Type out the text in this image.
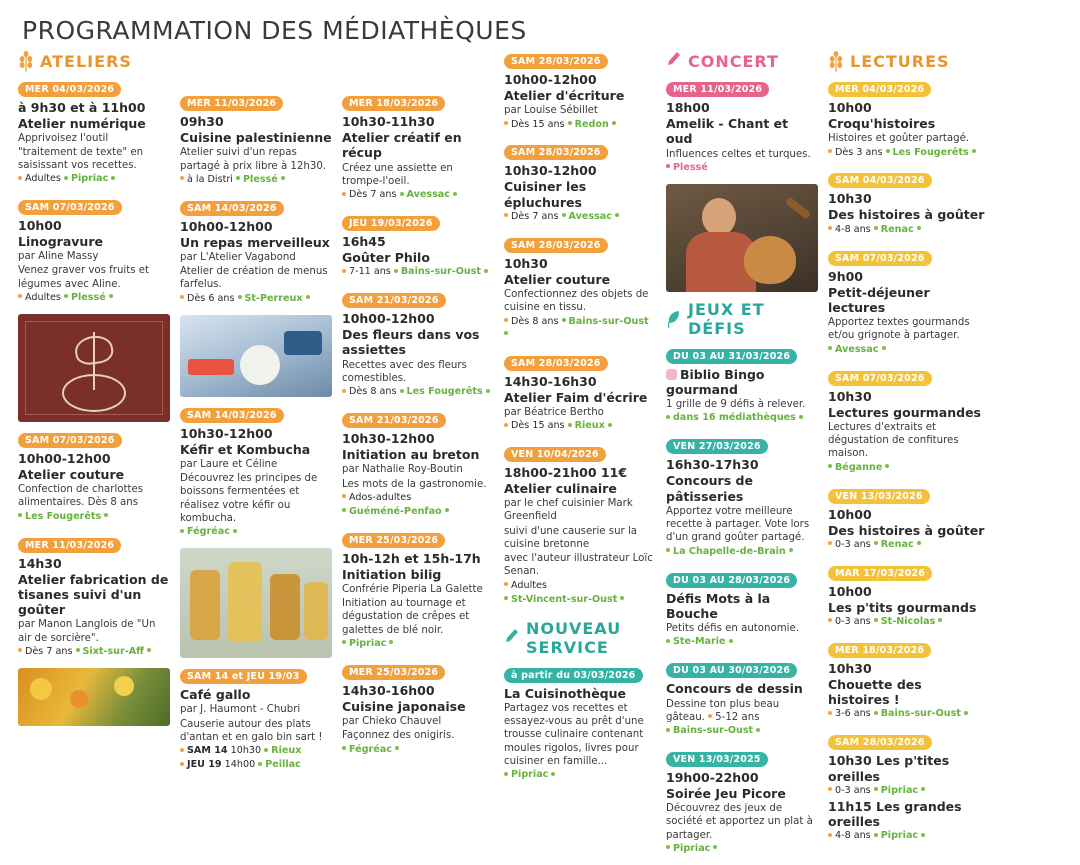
PROGRAMMATION DES MÉDIATHÈQUES
ATELIERS
MER 04/03/2026
à 9h30 et à 11h00
Atelier numérique
Apprivoisez l'outil "traitement de texte" en saisissant vos recettes.
Adultes Pipriac
SAM 07/03/2026
10h00
Linogravure
par Aline Massy
Venez graver vos fruits et légumes avec Aline.
Adultes Plessé
SAM 07/03/2026
10h00-12h00
Atelier couture
Confection de charlottes alimentaires. Dès 8 ans
Les Fougerêts
MER 11/03/2026
14h30
Atelier fabrication de tisanes suivi d'un goûter
par Manon Langlois de "Un air de sorcière".
Dès 7 ans Sixt-sur-Aff
MER 11/03/2026
09h30
Cuisine palestinienne
Atelier suivi d'un repas partagé à prix libre à 12h30.
à la Distri Plessé
SAM 14/03/2026
10h00-12h00
Un repas merveilleux
par L'Atelier Vagabond
Atelier de création de menus farfelus.
Dès 6 ans St-Perreux
SAM 14/03/2026
10h30-12h00
Kéfir et Kombucha
par Laure et Céline
Découvrez les principes de boissons fermentées et réalisez votre kéfir ou kombucha.
Fégréac
SAM 14 et JEU 19/03
Café gallo
par J. Haumont - Chubri
Causerie autour des plats d'antan et en galo bin sart !
SAM 14 10h30 Rieux
JEU 19 14h00 Peillac
MER 18/03/2026
10h30-11h30
Atelier créatif en récup
Créez une assiette en trompe-l'oeil.
Dès 7 ans Avessac
JEU 19/03/2026
16h45
Goûter Philo
7-11 ans Bains-sur-Oust
SAM 21/03/2026
10h00-12h00
Des fleurs dans vos assiettes
Recettes avec des fleurs comestibles.
Dès 8 ans Les Fougerêts
SAM 21/03/2026
10h30-12h00
Initiation au breton
par Nathalie Roy-Boutin
Les mots de la gastronomie.
Ados-adultes
Guéméné-Penfao
MER 25/03/2026
10h-12h et 15h-17h
Initiation bilig
Confrérie Piperia La Galette
Initiation au tournage et dégustation de crêpes et galettes de blé noir.
Pipriac
MER 25/03/2026
14h30-16h00
Cuisine japonaise
par Chieko Chauvel
Façonnez des onigiris.
Fégréac
SAM 28/03/2026
10h00-12h00
Atelier d'écriture
par Louise Sébillet
Dès 15 ans Redon
SAM 28/03/2026
10h30-12h00
Cuisiner les épluchures
Dès 7 ans Avessac
SAM 28/03/2026
10h30
Atelier couture
Confectionnez des objets de cuisine en tissu.
Dès 8 ans Bains-sur-Oust
SAM 28/03/2026
14h30-16h30
Atelier Faim d'écrire
par Béatrice Bertho
Dès 15 ans Rieux
VEN 10/04/2026
18h00-21h00 11€
Atelier culinaire
par le chef cuisinier Mark Greenfield
suivi d'une causerie sur la cuisine bretonne
avec l'auteur illustrateur Loïc Senan.
Adultes
St-Vincent-sur-Oust
NOUVEAU SERVICE
à partir du 03/03/2026
La Cuisinothèque
Partagez vos recettes et essayez-vous au prêt d'une trousse culinaire contenant moules rigolos, livres pour cuisiner en famille...
Pipriac
CONCERT
MER 11/03/2026
18h00
Amelik - Chant et oud
Influences celtes et turques.
Plessé
JEUX ET DÉFIS
DU 03 AU 31/03/2026
Biblio Bingo gourmand
1 grille de 9 défis à relever.
dans 16 médiathèques
VEN 27/03/2026
16h30-17h30
Concours de pâtisseries
Apportez votre meilleure recette à partager. Vote lors d'un grand goûter partagé.
La Chapelle-de-Brain
DU 03 AU 28/03/2026
Défis Mots à la Bouche
Petits défis en autonomie.
Ste-Marie
DU 03 AU 30/03/2026
Concours de dessin
Dessine ton plus beau gâteau. 5-12 ans
Bains-sur-Oust
VEN 13/03/2025
19h00-22h00
Soirée Jeu Picore
Découvrez des jeux de société et apportez un plat à partager.
Pipriac
LECTURES
MER 04/03/2026
10h00
Croqu'histoires
Histoires et goûter partagé.
Dès 3 ans Les Fougerêts
SAM 04/03/2026
10h30
Des histoires à goûter
4-8 ans Renac
SAM 07/03/2026
9h00
Petit-déjeuner lectures
Apportez textes gourmands et/ou grignote à partager.
Avessac
SAM 07/03/2026
10h30
Lectures gourmandes
Lectures d'extraits et dégustation de confitures maison.
Béganne
VEN 13/03/2026
10h00
Des histoires à goûter
0-3 ans Renac
MAR 17/03/2026
10h00
Les p'tits gourmands
0-3 ans St-Nicolas
MER 18/03/2026
10h30
Chouette des histoires !
3-6 ans Bains-sur-Oust
SAM 28/03/2026
10h30 Les p'tites oreilles
0-3 ans Pipriac
11h15 Les grandes oreilles
4-8 ans Pipriac
